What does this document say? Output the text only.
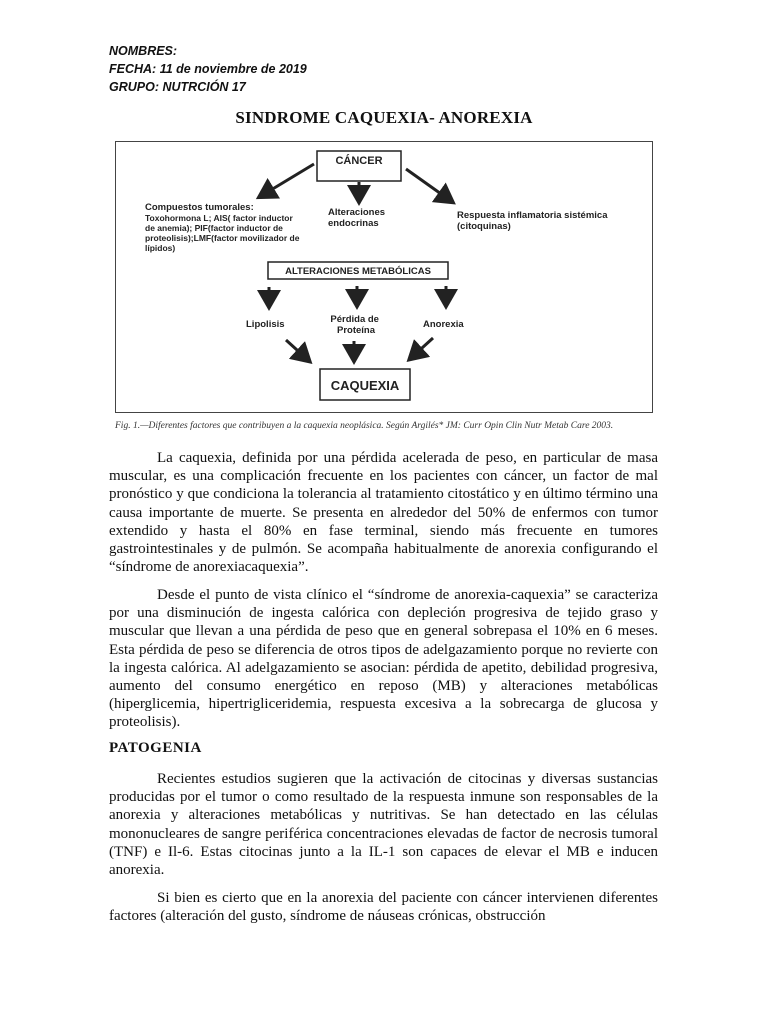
NOMBRES:
FECHA: 11 de noviembre de 2019
GRUPO: NUTRCIÓN 17
SINDROME CAQUEXIA- ANOREXIA
CÁNCER
Compuestos tumorales: Toxohormona L; AIS( factor inductor de anemia); PIF(factor inductor de proteolisis);LMF(factor movilizador de lípidos)
Alteraciones endocrinas
Respuesta inflamatoria sistémica (citoquinas)
ALTERACIONES METABÓLICAS
Lipolisis	Pérdida de Proteína
Anorexia
CAQUEXIA
Fig. 1.—Diferentes factores que contribuyen a la caquexia neoplásica. Según Argilés* JM: Curr Opin Clin Nutr Metab Care 2003.

La caquexia, definida por una pérdida acelerada de peso, en particular de masa muscular, es una complicación frecuente en los pacientes con cáncer, un factor de mal pronóstico y que condiciona la tolerancia al tratamiento citostático y en último término una causa importante de muerte. Se presenta en alrededor del 50% de enfermos con tumor extendido y hasta el 80% en fase terminal, siendo más frecuente en tumores gastrointestinales y de pulmón. Se acompaña habitualmente de anorexia configurando el “síndrome de anorexiacaquexia”.

Desde el punto de vista clínico el “síndrome de anorexia-caquexia” se caracteriza por una disminución de ingesta calórica con depleción progresiva de tejido graso y muscular que llevan a una pérdida de peso que en general sobrepasa el 10% en 6 meses. Esta pérdida de peso se diferencia de otros tipos de adelgazamiento porque no revierte con la ingesta calórica. Al adelgazamiento se asocian: pérdida de apetito, debilidad progresiva, aumento del consumo energético en reposo (MB) y alteraciones metabólicas (hiperglicemia, hipertrigliceridemia, respuesta excesiva a la sobrecarga de glucosa y proteolisis).

PATOGENIA

Recientes estudios sugieren que la activación de citocinas y diversas sustancias producidas por el tumor o como resultado de la respuesta inmune son responsables de la anorexia y alteraciones metabólicas y nutritivas. Se han detectado en las células mononucleares de sangre periférica concentraciones elevadas de factor de necrosis tumoral (TNF) e Il-6. Estas citocinas junto a la IL-1 son capaces de elevar el MB e inducen anorexia.

Si bien es cierto que en la anorexia del paciente con cáncer intervienen diferentes factores (alteración del gusto, síndrome de náuseas crónicas, obstrucción
